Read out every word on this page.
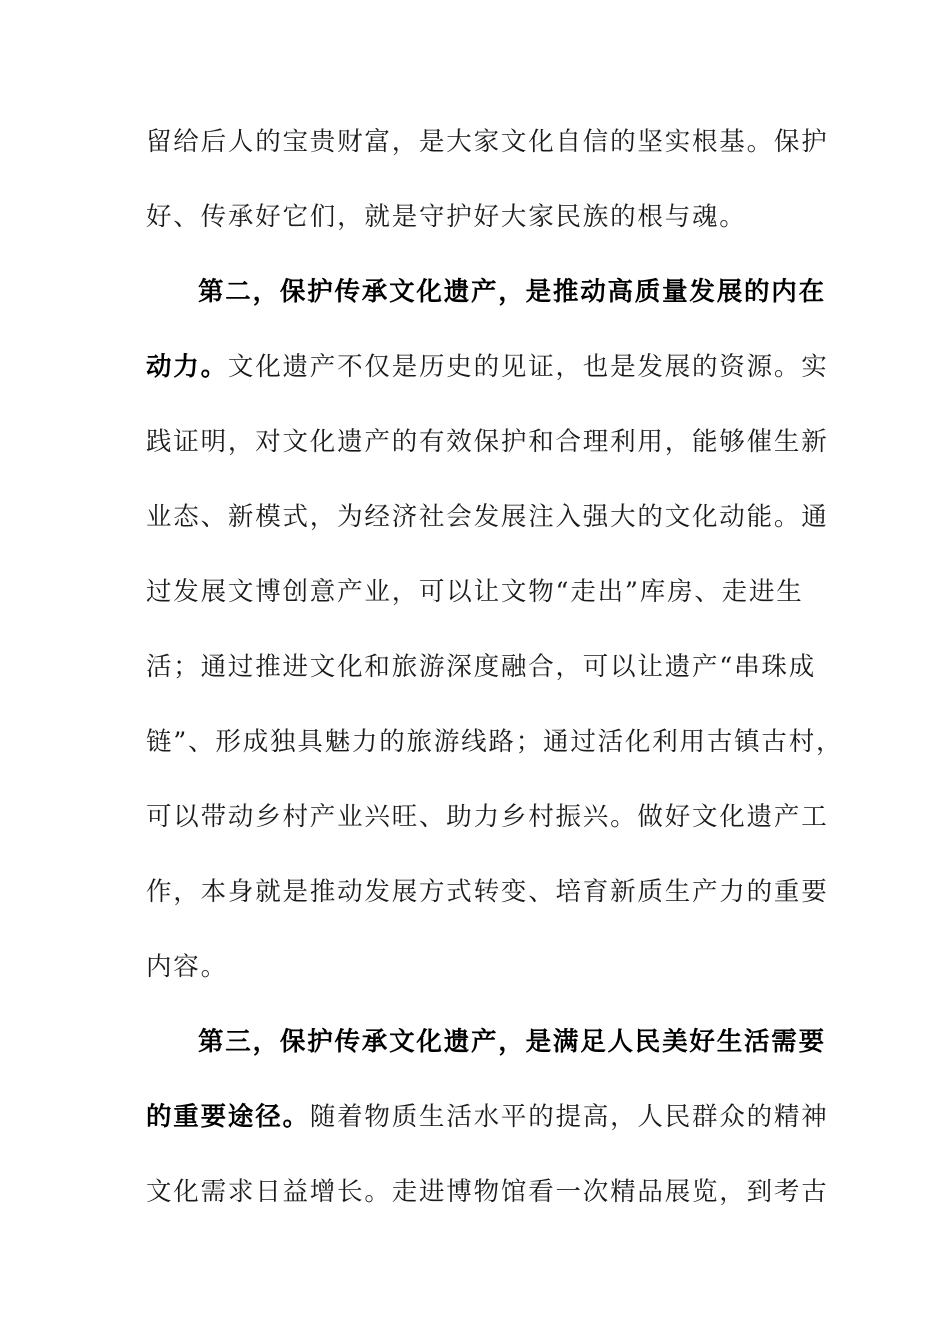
留给后人的宝贵财富，是大家文化自信的坚实根基。保护
好、传承好它们，就是守护好大家民族的根与魂。
第二，保护传承文化遗产，是推动高质量发展的内在
动力。文化遗产不仅是历史的见证，也是发展的资源。实
践证明，对文化遗产的有效保护和合理利用，能够催生新
业态、新模式，为经济社会发展注入强大的文化动能。通
过发展文博创意产业，可以让文物“走出”库房、走进生
活；通过推进文化和旅游深度融合，可以让遗产“串珠成
链”、形成独具魅力的旅游线路；通过活化利用古镇古村，
可以带动乡村产业兴旺、助力乡村振兴。做好文化遗产工
作，本身就是推动发展方式转变、培育新质生产力的重要
内容。
第三，保护传承文化遗产，是满足人民美好生活需要
的重要途径。随着物质生活水平的提高，人民群众的精神
文化需求日益增长。走进博物馆看一次精品展览，到考古
